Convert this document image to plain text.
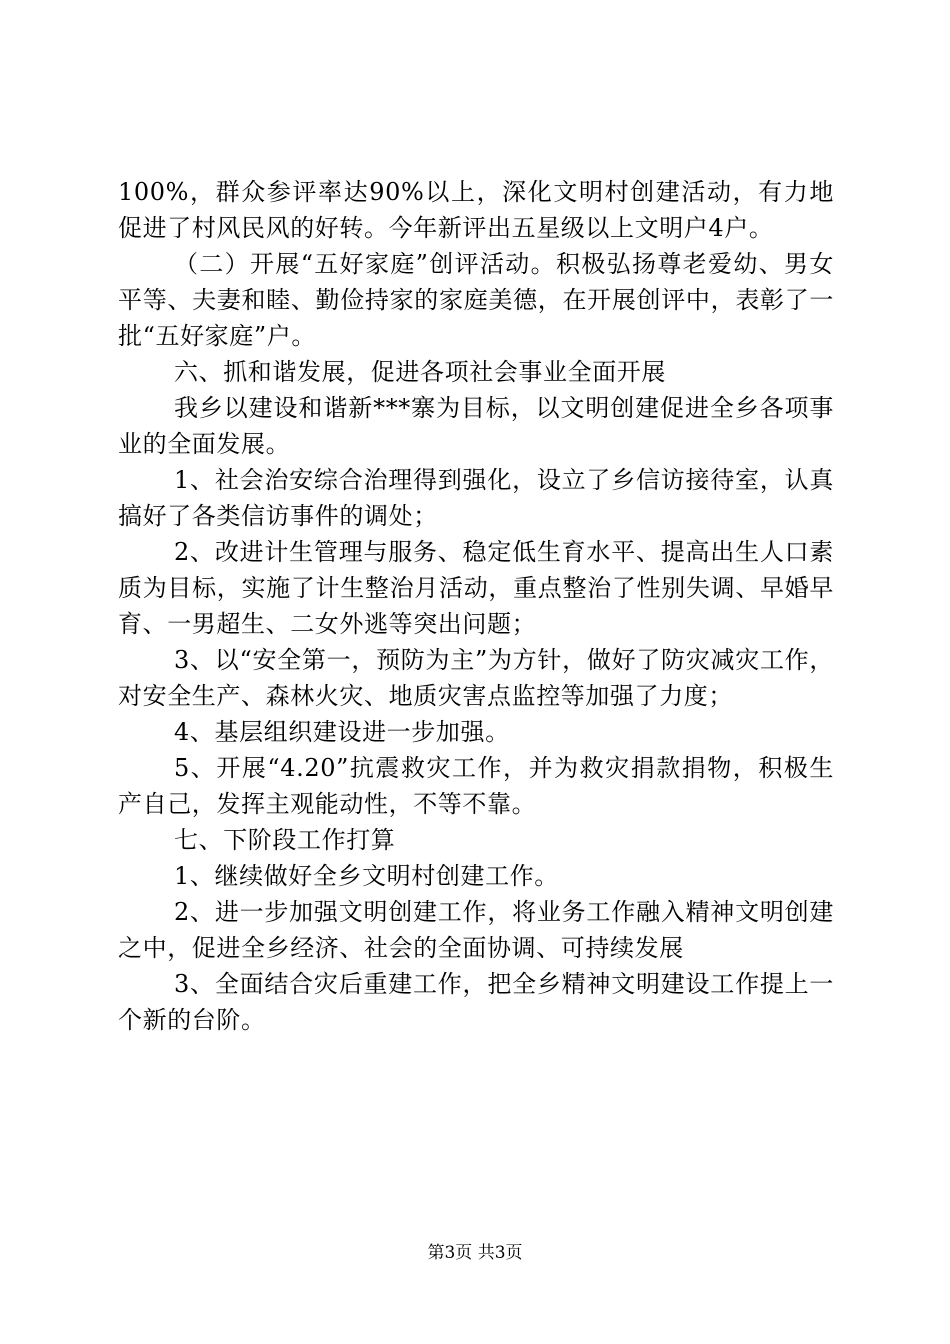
100%，群众参评率达90%以上，深化文明村创建活动，有力地促进了村风民风的好转。今年新评出五星级以上文明户4户。

（二）开展“五好家庭”创评活动。积极弘扬尊老爱幼、男女平等、夫妻和睦、勤俭持家的家庭美德，在开展创评中，表彰了一批“五好家庭”户。

六、抓和谐发展，促进各项社会事业全面开展

我乡以建设和谐新***寨为目标，以文明创建促进全乡各项事业的全面发展。

1、社会治安综合治理得到强化，设立了乡信访接待室，认真搞好了各类信访事件的调处；

2、改进计生管理与服务、稳定低生育水平、提高出生人口素质为目标，实施了计生整治月活动，重点整治了性别失调、早婚早育、一男超生、二女外逃等突出问题；

3、以“安全第一，预防为主”为方针，做好了防灾减灾工作，对安全生产、森林火灾、地质灾害点监控等加强了力度；

4、基层组织建设进一步加强。

5、开展“4.20”抗震救灾工作，并为救灾捐款捐物，积极生产自己，发挥主观能动性，不等不靠。

七、下阶段工作打算

1、继续做好全乡文明村创建工作。

2、进一步加强文明创建工作，将业务工作融入精神文明创建之中，促进全乡经济、社会的全面协调、可持续发展

3、全面结合灾后重建工作，把全乡精神文明建设工作提上一个新的台阶。

第3页 共3页
